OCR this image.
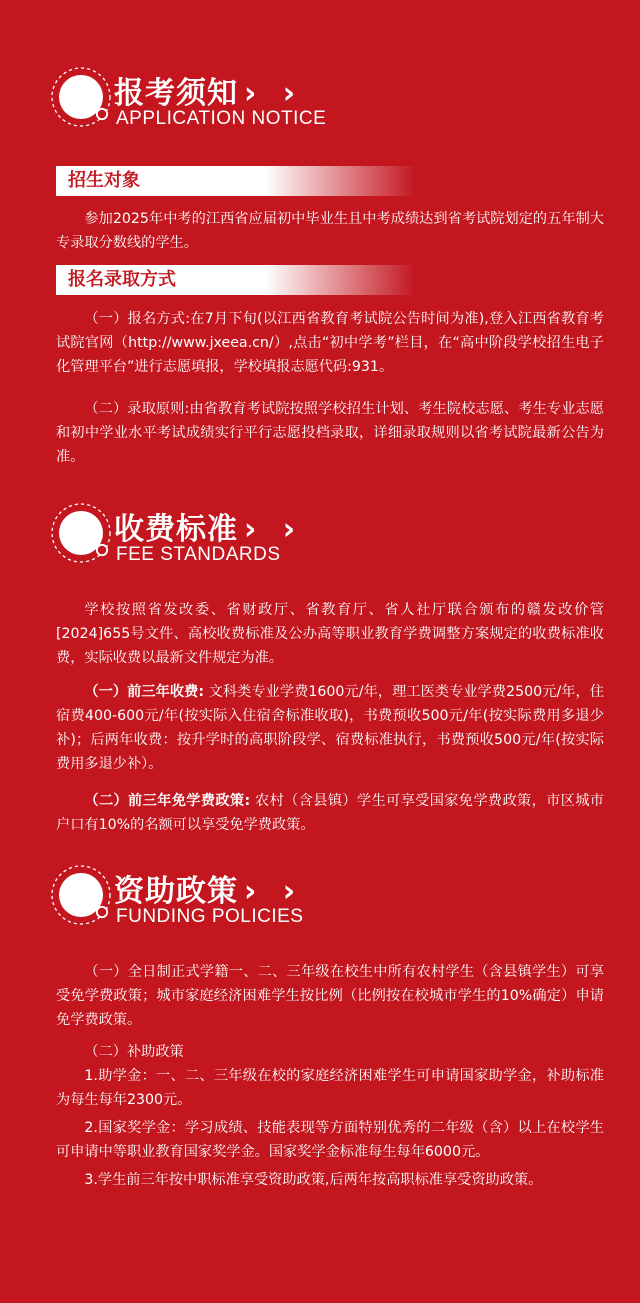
报考须知 › ›
APPLICATION NOTICE
招生对象

参加2025年中考的江西省应届初中毕业生且中考成绩达到省考试院划定的五年制大专录取分数线的学生。

报名录取方式

（一）报名方式:在7月下旬(以江西省教育考试院公告时间为准),登入江西省教育考试院官网（http://www.jxeea.cn/）,点击“初中学考”栏目，在“高中阶段学校招生电子化管理平台”进行志愿填报，学校填报志愿代码:931。

（二）录取原则:由省教育考试院按照学校招生计划、考生院校志愿、考生专业志愿和初中学业水平考试成绩实行平行志愿投档录取，详细录取规则以省考试院最新公告为准。

收费标准 › ›
FEE STANDARDS

学校按照省发改委、省财政厅、省教育厅、省人社厅联合颁布的赣发改价管[2024]655号文件、高校收费标准及公办高等职业教育学费调整方案规定的收费标准收费，实际收费以最新文件规定为准。

（一）前三年收费: 文科类专业学费1600元/年，理工医类专业学费2500元/年，住宿费400-600元/年(按实际入住宿舍标准收取)，书费预收500元/年(按实际费用多退少补)；后两年收费：按升学时的高职阶段学、宿费标准执行，书费预收500元/年(按实际费用多退少补）。

（二）前三年免学费政策: 农村（含县镇）学生可享受国家免学费政策，市区城市户口有10%的名额可以享受免学费政策。

资助政策 › ›
FUNDING POLICIES

（一）全日制正式学籍一、二、三年级在校生中所有农村学生（含县镇学生）可享受免学费政策；城市家庭经济困难学生按比例（比例按在校城市学生的10%确定）申请免学费政策。

（二）补助政策

1.助学金：一、二、三年级在校的家庭经济困难学生可申请国家助学金，补助标准为每生每年2300元。

2.国家奖学金：学习成绩、技能表现等方面特别优秀的二年级（含）以上在校学生可申请中等职业教育国家奖学金。国家奖学金标准每生每年6000元。

3.学生前三年按中职标准享受资助政策,后两年按高职标准享受资助政策。
